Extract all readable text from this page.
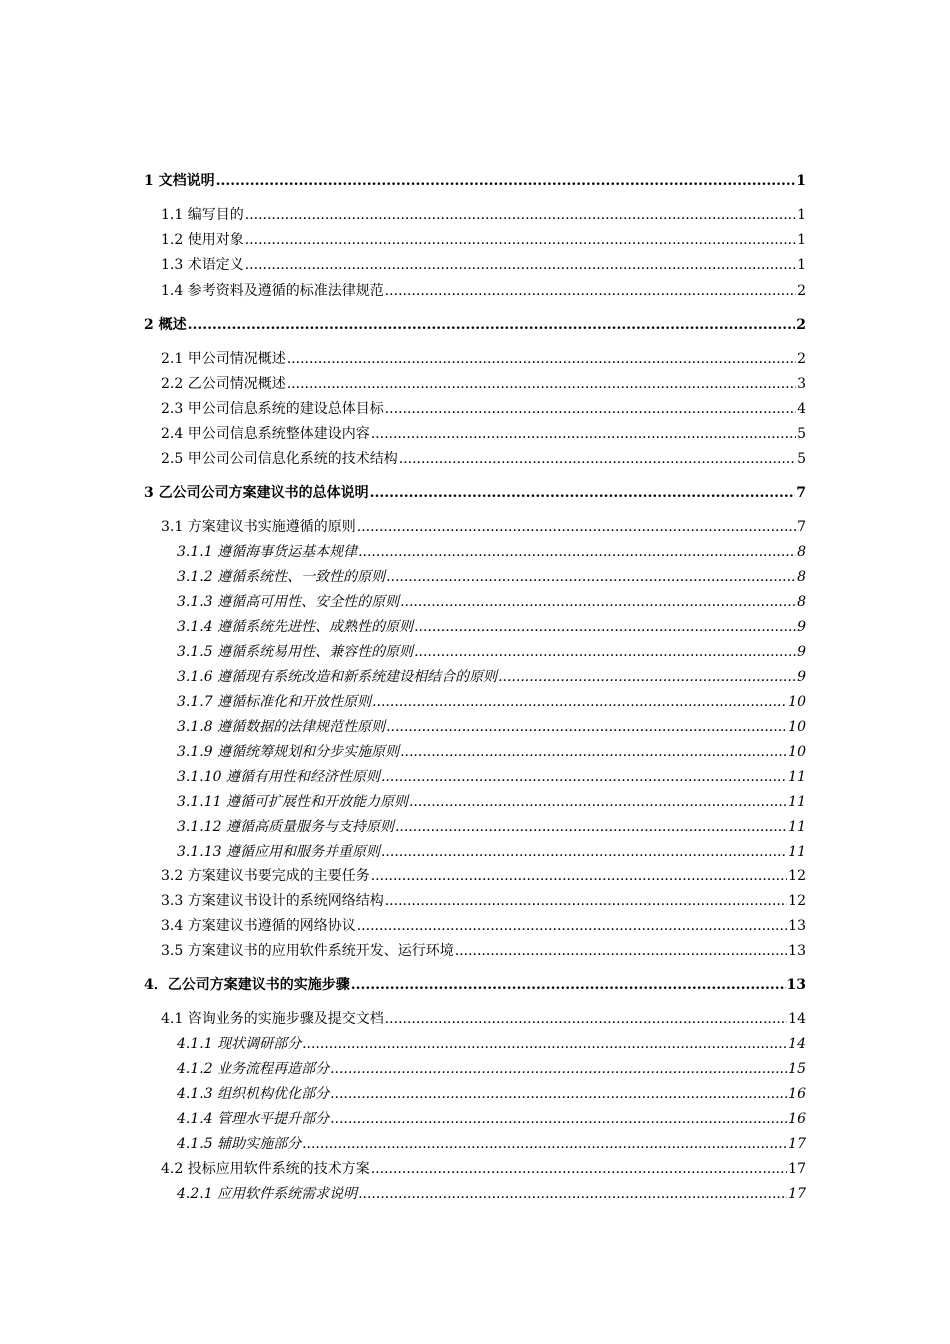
1 文档说明 .....	1
1.1 编写目的 .....	1
1.2 使用对象 .....	1
1.3 术语定义 .....	1
1.4 参考资料及遵循的标准法律规范 .....	2
2 概述 .....	2
2.1 甲公司情况概述 .....	2
2.2 乙公司情况概述 .....	3
2.3 甲公司信息系统的建设总体目标 .....	4
2.4 甲公司信息系统整体建设内容 .....	5
2.5 甲公司公司信息化系统的技术结构 .....	5
3 乙公司公司方案建议书的总体说明 .....	7
3.1 方案建议书实施遵循的原则 .....	7
3.1.1 遵循海事货运基本规律 .....	8
3.1.2 遵循系统性、一致性的原则 .....	8
3.1.3 遵循高可用性、安全性的原则 .....	8
3.1.4 遵循系统先进性、成熟性的原则 .....	9
3.1.5 遵循系统易用性、兼容性的原则 .....	9
3.1.6 遵循现有系统改造和新系统建设相结合的原则 .....	9
3.1.7 遵循标准化和开放性原则 .....	10
3.1.8 遵循数据的法律规范性原则 .....	10
3.1.9 遵循统筹规划和分步实施原则 .....	10
3.1.10 遵循有用性和经济性原则 .....	11
3.1.11 遵循可扩展性和开放能力原则 .....	11
3.1.12 遵循高质量服务与支持原则 .....	11
3.1.13 遵循应用和服务并重原则 .....	11
3.2 方案建议书要完成的主要任务 .....	12
3.3 方案建议书设计的系统网络结构 .....	12
3.4 方案建议书遵循的网络协议 .....	13
3.5 方案建议书的应用软件系统开发、运行环境 .....	13
4．乙公司方案建议书的实施步骤 .....	13
4.1 咨询业务的实施步骤及提交文档 .....	14
4.1.1 现状调研部分 .....	14
4.1.2 业务流程再造部分 .....	15
4.1.3 组织机构优化部分 .....	16
4.1.4 管理水平提升部分 .....	16
4.1.5 辅助实施部分 .....	17
4.2 投标应用软件系统的技术方案 .....	17
4.2.1 应用软件系统需求说明 .....	17
